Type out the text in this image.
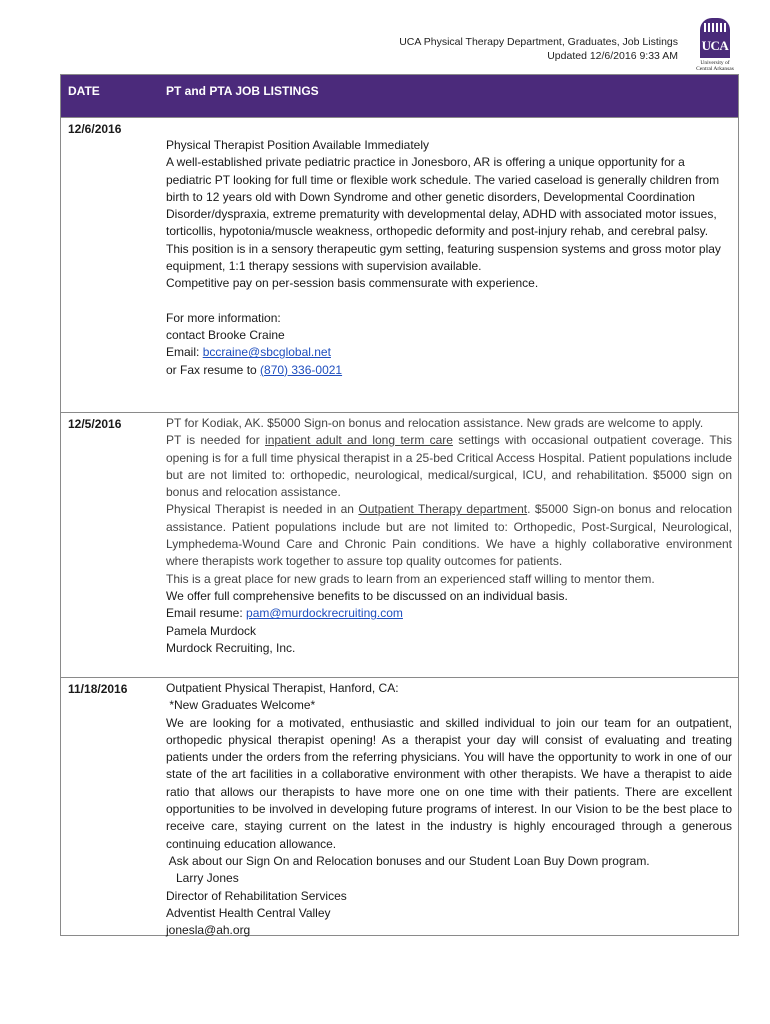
UCA Physical Therapy Department, Graduates, Job Listings
Updated 12/6/2016 9:33 AM
UCA
University of
Central Arkansas
DATE	PT and PTA JOB LISTINGS
12/6/2016

Physical Therapist Position Available Immediately

A well-established private pediatric practice in Jonesboro, AR is offering a unique opportunity for a pediatric PT looking for full time or flexible work schedule. The varied caseload is generally children from birth to 12 years old with Down Syndrome and other genetic disorders, Developmental Coordination Disorder/dyspraxia, extreme prematurity with developmental delay, ADHD with associated motor issues, torticollis, hypotonia/muscle weakness, orthopedic deformity and post-injury rehab, and cerebral palsy.

This position is in a sensory therapeutic gym setting, featuring suspension systems and gross motor play equipment, 1:1 therapy sessions with supervision available.

Competitive pay on per-session basis commensurate with experience.

For more information:

contact Brooke Craine

Email: bccraine@sbcglobal.net

or Fax resume to (870) 336-0021

12/5/2016	PT for Kodiak, AK. $5000 Sign-on bonus and relocation assistance. New grads are welcome to apply.

PT is needed for inpatient adult and long term care settings with occasional outpatient coverage. This opening is for a full time physical therapist in a 25-bed Critical Access Hospital. Patient populations include but are not limited to: orthopedic, neurological, medical/surgical, ICU, and rehabilitation. $5000 sign on bonus and relocation assistance.

Physical Therapist is needed in an Outpatient Therapy department. $5000 Sign-on bonus and relocation assistance. Patient populations include but are not limited to: Orthopedic, Post-Surgical, Neurological, Lymphedema-Wound Care and Chronic Pain conditions. We have a highly collaborative environment where therapists work together to assure top quality outcomes for patients.

This is a great place for new grads to learn from an experienced staff willing to mentor them.

We offer full comprehensive benefits to be discussed on an individual basis.

Email resume: pam@murdockrecruiting.com

Pamela Murdock

Murdock Recruiting, Inc.

11/18/2016	Outpatient Physical Therapist, Hanford, CA:

*New Graduates Welcome*

We are looking for a motivated, enthusiastic and skilled individual to join our team for an outpatient, orthopedic physical therapist opening! As a therapist your day will consist of evaluating and treating patients under the orders from the referring physicians. You will have the opportunity to work in one of our state of the art facilities in a collaborative environment with other therapists. We have a therapist to aide ratio that allows our therapists to have more one on one time with their patients. There are excellent opportunities to be involved in developing future programs of interest. In our Vision to be the best place to receive care, staying current on the latest in the industry is highly encouraged through a generous continuing education allowance.

Ask about our Sign On and Relocation bonuses and our Student Loan Buy Down program.

Larry Jones

Director of Rehabilitation Services

Adventist Health Central Valley

jonesla@ah.org
